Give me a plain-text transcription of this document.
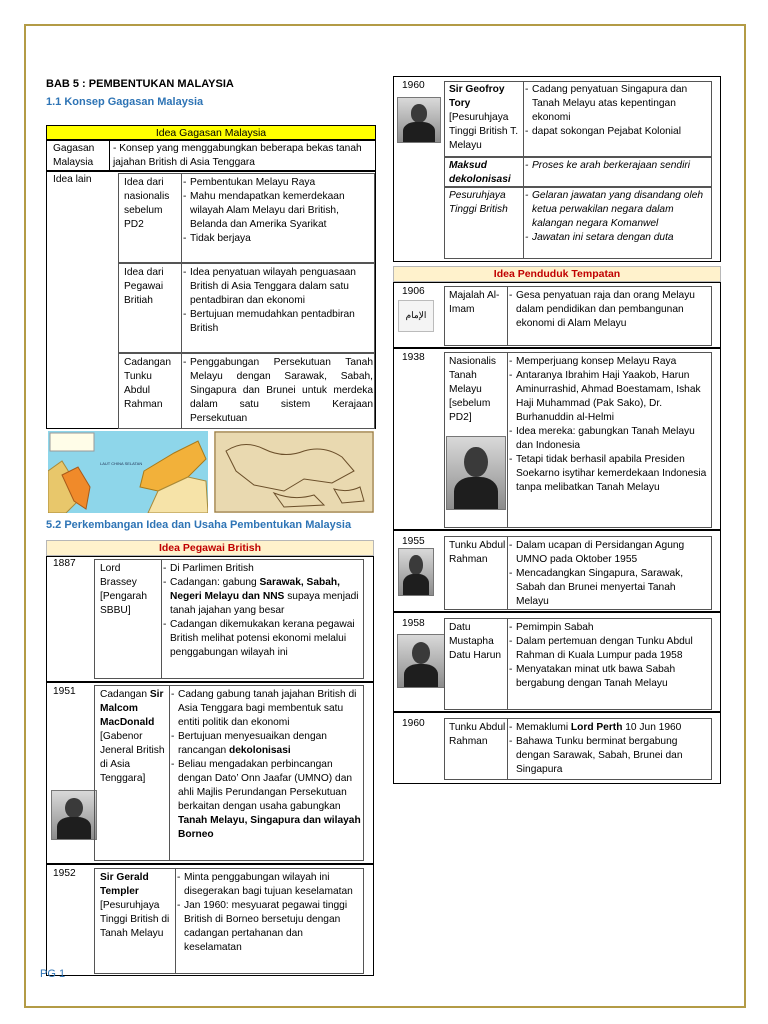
BAB 5 : PEMBENTUKAN MALAYSIA
1.1 Konsep Gagasan Malaysia
Idea Gagasan Malaysia
Gagasan Malaysia
- Konsep yang menggabungkan beberapa bekas tanah jajahan British di Asia Tenggara
Idea lain	Idea dari nasionalis sebelum PD2
- Pembentukan Melayu Raya
- Mahu mendapatkan kemerdekaan wilayah Alam Melayu dari British, Belanda dan Amerika Syarikat
- Tidak berjaya
Idea dari Pegawai Britiah
- Idea penyatuan wilayah penguasaan British di Asia Tenggara dalam satu pentadbiran dan ekonomi
- Bertujuan memudahkan pentadbiran British
Cadangan Tunku Abdul Rahman
- Penggabungan Persekutuan Tanah Melayu dengan Sarawak, Sabah, Singapura dan Brunei untuk merdeka dalam satu sistem Kerajaan Persekutuan
LAUT CHINA SELATAN
5.2 Perkembangan Idea dan Usaha Pembentukan Malaysia
Idea Pegawai British
1887 Lord Brassey [Pengarah SBBU]
- Di Parlimen British
- Cadangan: gabung Sarawak, Sabah, Negeri Melayu dan NNS supaya menjadi tanah jajahan yang besar
- Cadangan dikemukakan kerana pegawai British melihat potensi ekonomi melalui penggabungan wilayah ini
1951 Cadangan Sir Malcom MacDonald [Gabenor Jeneral British di Asia Tenggara]
- Cadang gabung tanah jajahan British di Asia Tenggara bagi membentuk satu entiti politik dan ekonomi
- Bertujuan menyesuaikan dengan rancangan dekolonisasi
- Beliau mengadakan perbincangan dengan Dato’ Onn Jaafar (UMNO) dan ahli Majlis Perundangan Persekutuan berkaitan dengan usaha gabungkan Tanah Melayu, Singapura dan wilayah Borneo
1952 Sir Gerald Templer [Pesuruhjaya Tinggi British di Tanah Melayu
- Minta penggabungan wilayah ini disegerakan bagi tujuan keselamatan
- Jan 1960: mesyuarat pegawai tinggi British di Borneo bersetuju dengan cadangan pertahanan dan keselamatan
1960 Sir Geofroy Tory [Pesuruhjaya Tinggi British T. Melayu
- Cadang penyatuan Singapura dan Tanah Melayu atas kepentingan ekonomi
- dapat sokongan Pejabat Kolonial
Maksud dekolonisasi
- Proses ke arah berkerajaan sendiri
Pesuruhjaya Tinggi British
- Gelaran jawatan yang disandang oleh ketua perwakilan negara dalam kalangan negara Komanwel
- Jawatan ini setara dengan duta
Idea Penduduk Tempatan
1906
الإمام
Majalah Al-Imam
- Gesa penyatuan raja dan orang Melayu dalam pendidikan dan pembangunan ekonomi di Alam Melayu
1938 Nasionalis Tanah Melayu [sebelum PD2]
- Memperjuang konsep Melayu Raya
- Antaranya Ibrahim Haji Yaakob, Harun Aminurrashid, Ahmad Boestamam, Ishak Haji Muhammad (Pak Sako), Dr. Burhanuddin al-Helmi
- Idea mereka: gabungkan Tanah Melayu dan Indonesia
- Tetapi tidak berhasil apabila Presiden Soekarno isytihar kemerdekaan Indonesia tanpa melibatkan Tanah Melayu
1955 Tunku Abdul Rahman
- Dalam ucapan di Persidangan Agung UMNO pada Oktober 1955
- Mencadangkan Singapura, Sarawak, Sabah dan Brunei menyertai Tanah Melayu
1958 Datu Mustapha Datu Harun
- Pemimpin Sabah
- Dalam pertemuan dengan Tunku Abdul Rahman di Kuala Lumpur pada 1958
- Menyatakan minat utk bawa Sabah bergabung dengan Tanah Melayu
1960 Tunku Abdul Rahman
- Memaklumi Lord Perth 10 Jun 1960
- Bahawa Tunku berminat bergabung dengan Sarawak, Sabah, Brunei dan Singapura
PG 1
